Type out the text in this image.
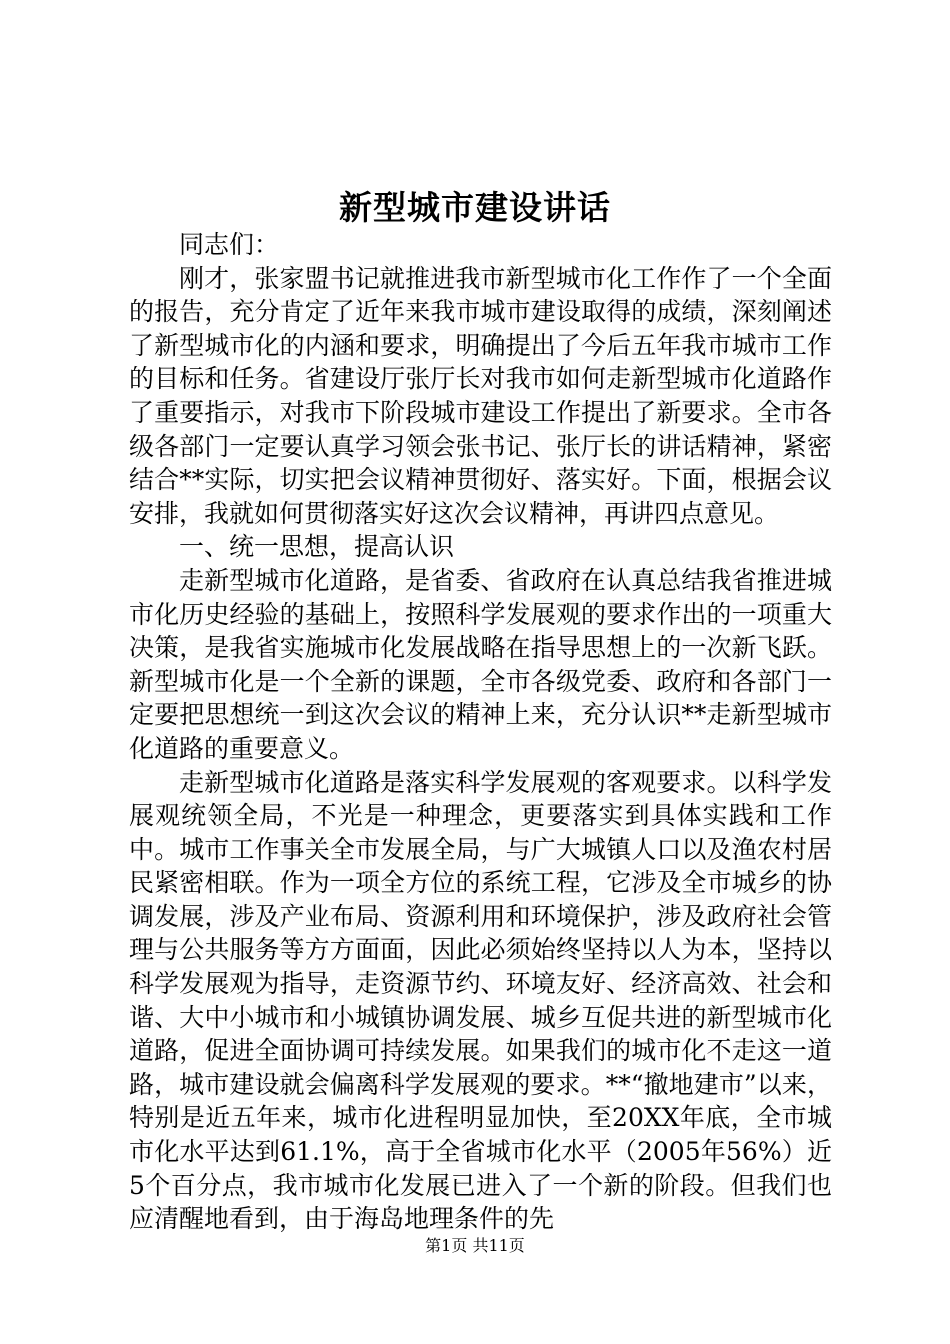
新型城市建设讲话

同志们：

刚才，张家盟书记就推进我市新型城市化工作作了一个全面的报告，充分肯定了近年来我市城市建设取得的成绩，深刻阐述了新型城市化的内涵和要求，明确提出了今后五年我市城市工作的目标和任务。省建设厅张厅长对我市如何走新型城市化道路作了重要指示，对我市下阶段城市建设工作提出了新要求。全市各级各部门一定要认真学习领会张书记、张厅长的讲话精神，紧密结合**实际，切实把会议精神贯彻好、落实好。下面，根据会议安排，我就如何贯彻落实好这次会议精神，再讲四点意见。

一、统一思想，提高认识

走新型城市化道路，是省委、省政府在认真总结我省推进城市化历史经验的基础上，按照科学发展观的要求作出的一项重大决策，是我省实施城市化发展战略在指导思想上的一次新飞跃。新型城市化是一个全新的课题，全市各级党委、政府和各部门一定要把思想统一到这次会议的精神上来，充分认识**走新型城市化道路的重要意义。

走新型城市化道路是落实科学发展观的客观要求。以科学发展观统领全局，不光是一种理念，更要落实到具体实践和工作中。城市工作事关全市发展全局，与广大城镇人口以及渔农村居民紧密相联。作为一项全方位的系统工程，它涉及全市城乡的协调发展，涉及产业布局、资源利用和环境保护，涉及政府社会管理与公共服务等方方面面，因此必须始终坚持以人为本，坚持以科学发展观为指导，走资源节约、环境友好、经济高效、社会和谐、大中小城市和小城镇协调发展、城乡互促共进的新型城市化道路，促进全面协调可持续发展。如果我们的城市化不走这一道路，城市建设就会偏离科学发展观的要求。**“撤地建市”以来，特别是近五年来，城市化进程明显加快，至20XX年底，全市城市化水平达到61.1%，高于全省城市化水平（2005年56%）近5个百分点，我市城市化发展已进入了一个新的阶段。但我们也应清醒地看到，由于海岛地理条件的先

第1页 共11页
